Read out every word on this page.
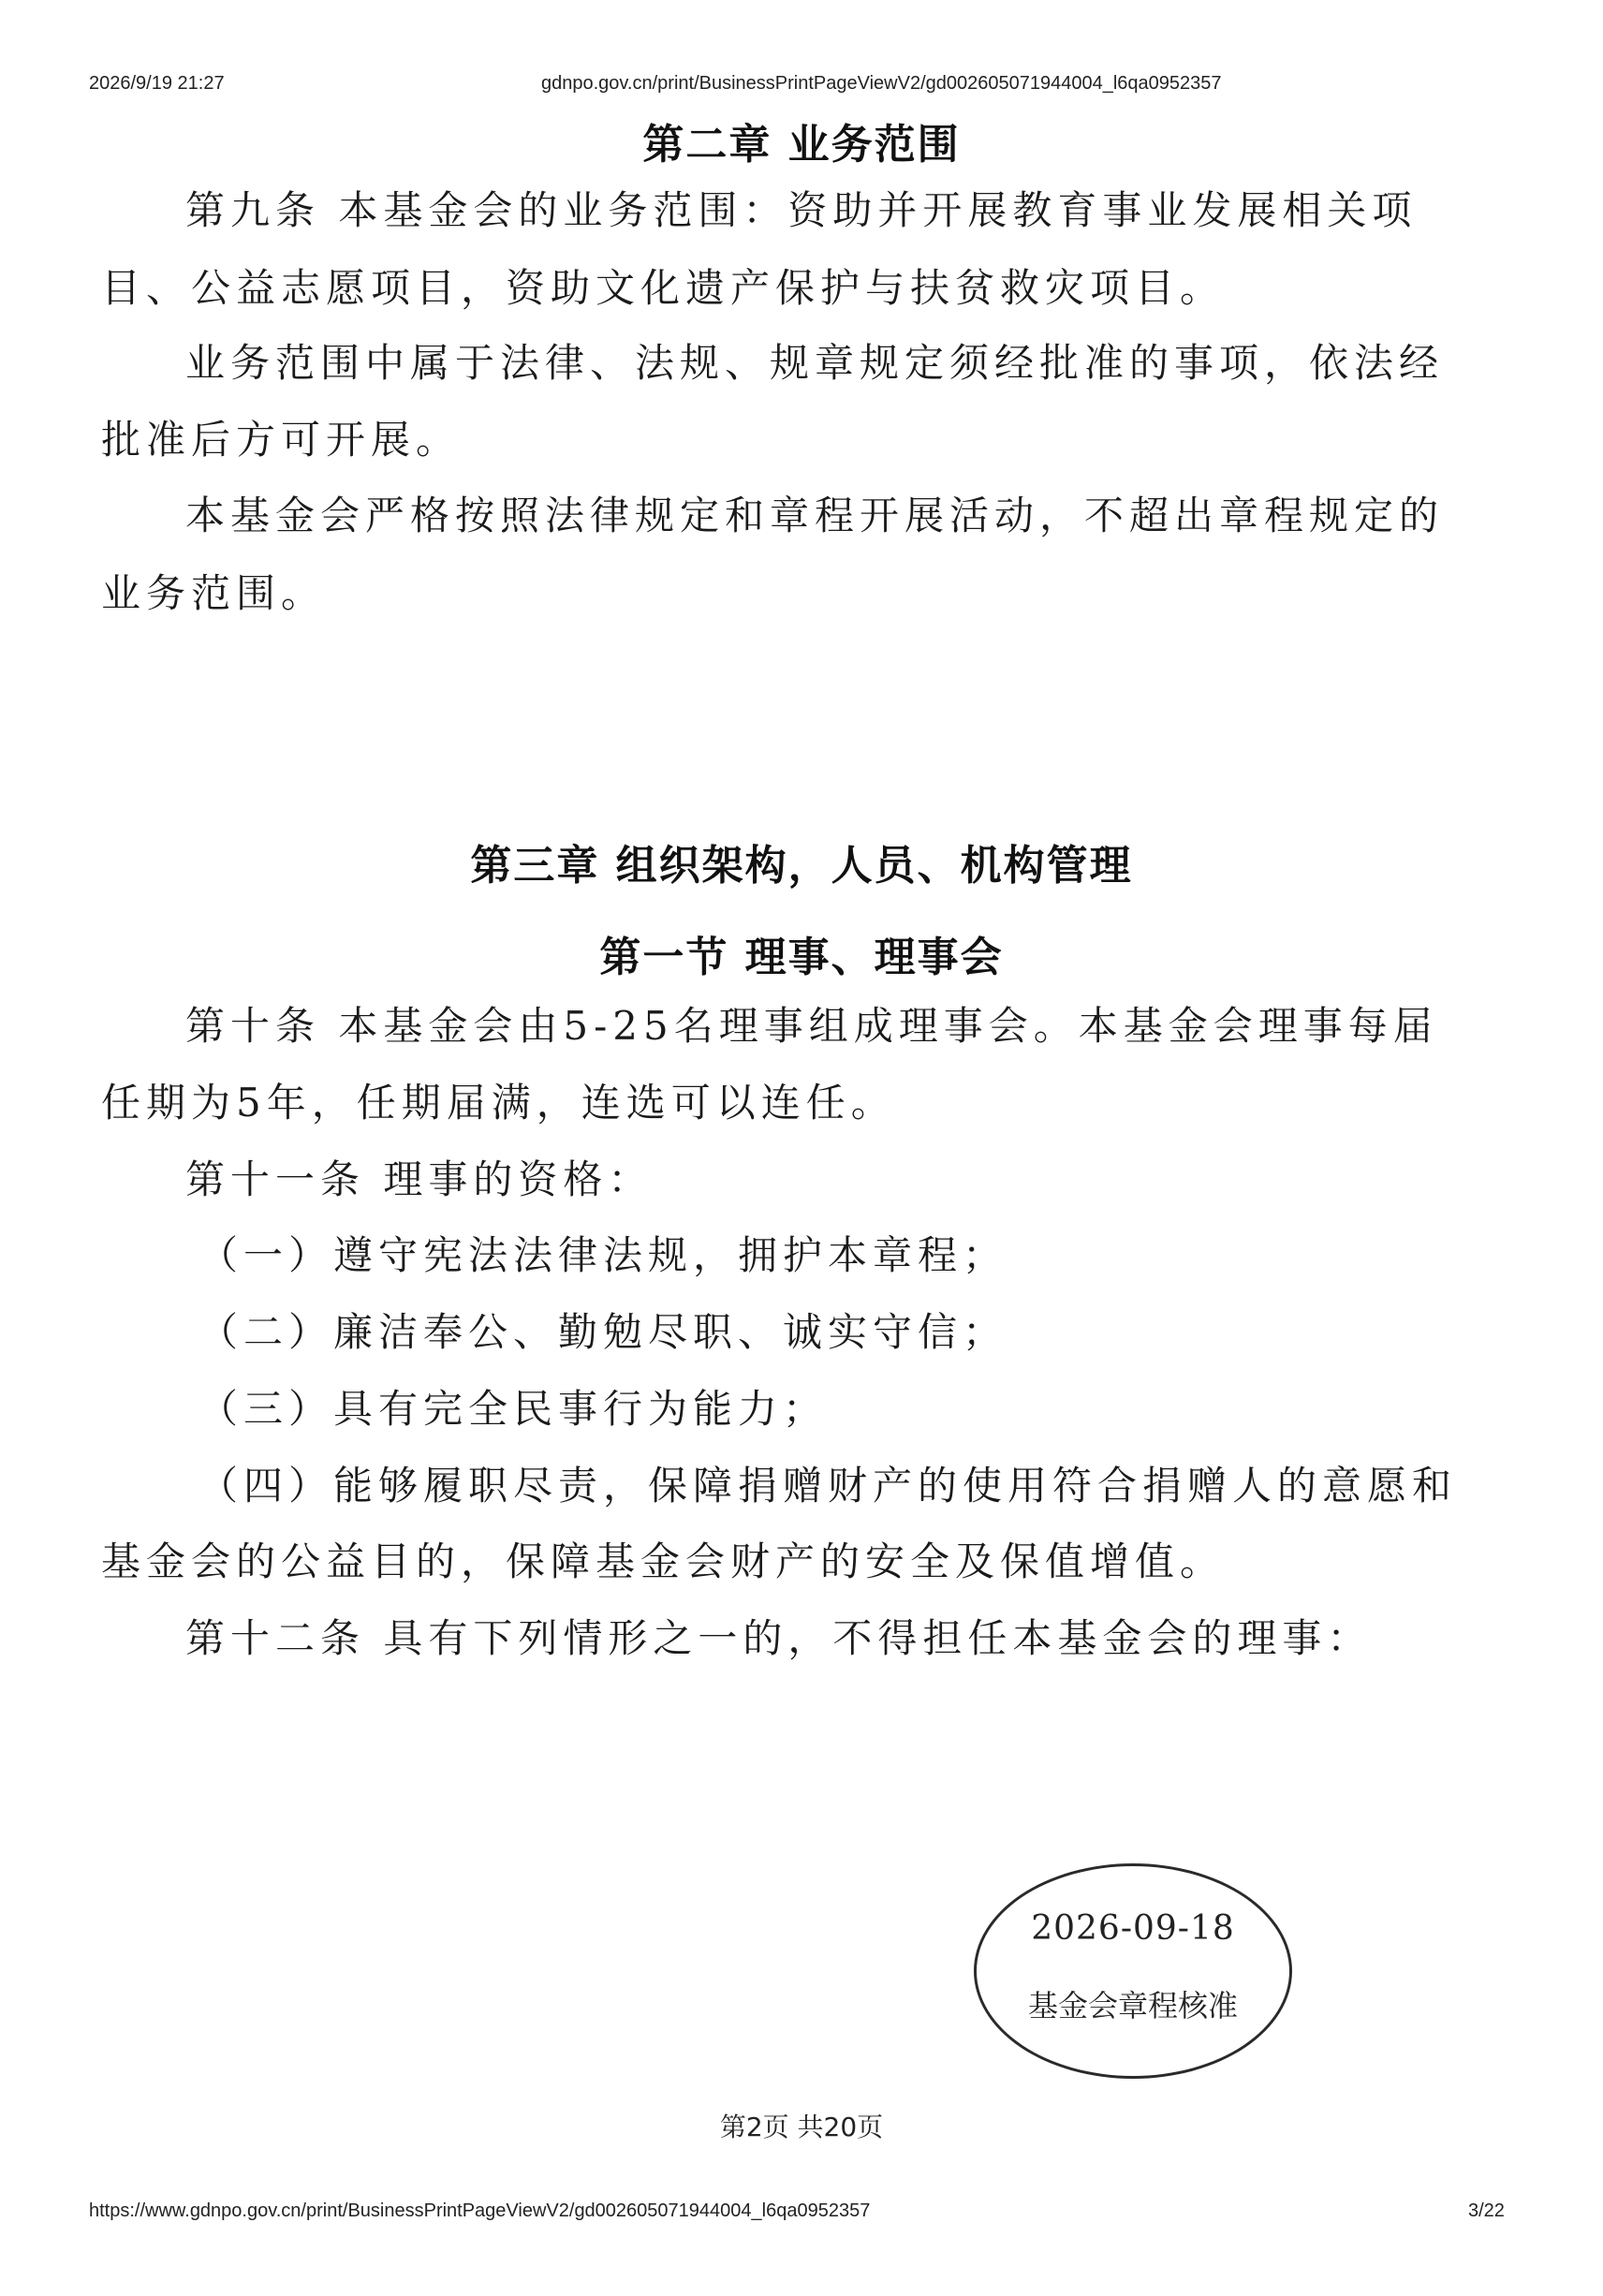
2026/9/19 21:27	gdnpo.gov.cn/print/BusinessPrintPageViewV2/gd002605071944004_l6qa0952357
第二章 业务范围
第九条 本基金会的业务范围：资助并开展教育事业发展相关项
目、公益志愿项目，资助文化遗产保护与扶贫救灾项目。
业务范围中属于法律、法规、规章规定须经批准的事项，依法经
批准后方可开展。
本基金会严格按照法律规定和章程开展活动，不超出章程规定的
业务范围。
第三章 组织架构，人员、机构管理
第一节 理事、理事会
第十条 本基金会由5-25名理事组成理事会。本基金会理事每届
任期为5年，任期届满，连选可以连任。
第十一条 理事的资格：
（一）遵守宪法法律法规，拥护本章程；
（二）廉洁奉公、勤勉尽职、诚实守信；
（三）具有完全民事行为能力；
（四）能够履职尽责，保障捐赠财产的使用符合捐赠人的意愿和
基金会的公益目的，保障基金会财产的安全及保值增值。
第十二条 具有下列情形之一的，不得担任本基金会的理事：
2026-09-18
基金会章程核准
第2页 共20页
https://www.gdnpo.gov.cn/print/BusinessPrintPageViewV2/gd002605071944004_l6qa0952357	3/22
